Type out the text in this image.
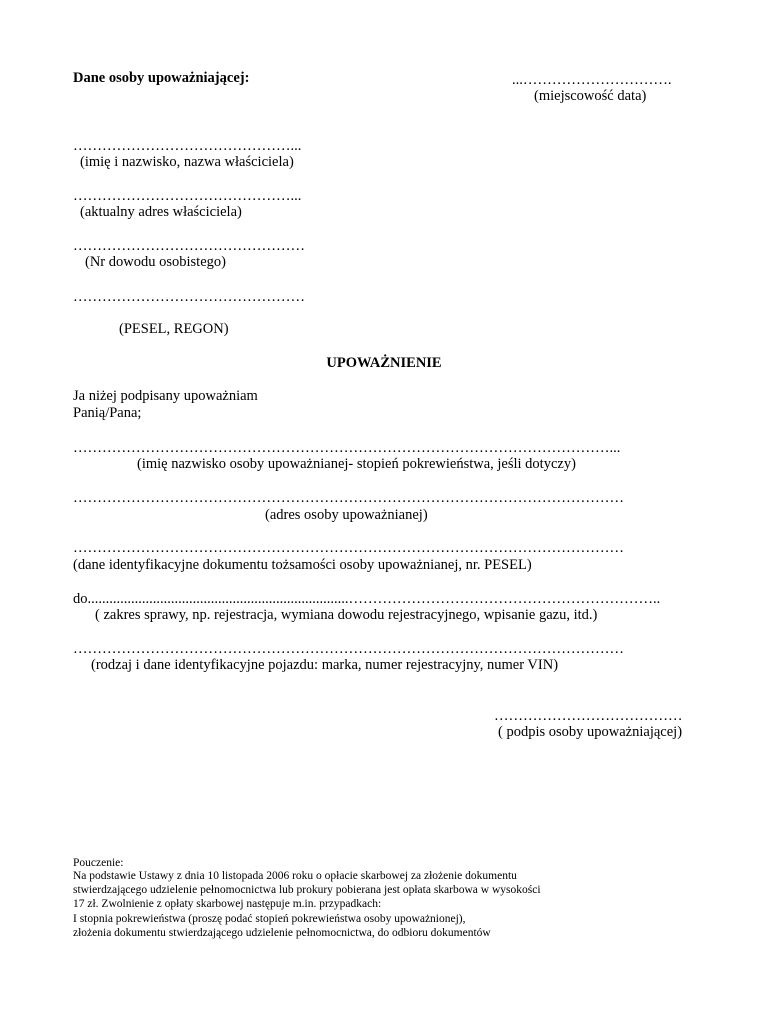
Dane osoby upoważniającej:	...………………………….
(miejscowość data)
………………………………………...
(imię i nazwisko, nazwa właściciela)
………………………………………...
(aktualny adres właściciela)
…………………………………………
(Nr dowodu osobistego)
…………………………………………
(PESEL, REGON)
UPOWAŻNIENIE
Ja niżej podpisany upoważniam
Panią/Pana;
…………………………………………………………………………………………………...
(imię nazwisko osoby upoważnianej- stopień pokrewieństwa, jeśli dotyczy)
……………………………………………………………………………………………………
(adres osoby upoważnianej)
……………………………………………………………………………………………………
(dane identyfikacyjne dokumentu tożsamości osoby upoważnianej, nr. PESEL)
do........................................................................………………………………………………………..
( zakres sprawy, np. rejestracja, wymiana dowodu rejestracyjnego, wpisanie gazu, itd.)
……………………………………………………………………………………………………
(rodzaj i dane identyfikacyjne pojazdu: marka, numer rejestracyjny, numer VIN)
…………………………………
( podpis osoby upoważniającej)
Pouczenie:
Na podstawie Ustawy z dnia 10 listopada 2006 roku o opłacie skarbowej za złożenie dokumentu
stwierdzającego udzielenie pełnomocnictwa lub prokury pobierana jest opłata skarbowa w wysokości
17 zł. Zwolnienie z opłaty skarbowej następuje m.in. przypadkach:
I stopnia pokrewieństwa (proszę podać stopień pokrewieństwa osoby upoważnionej),
złożenia dokumentu stwierdzającego udzielenie pełnomocnictwa, do odbioru dokumentów
